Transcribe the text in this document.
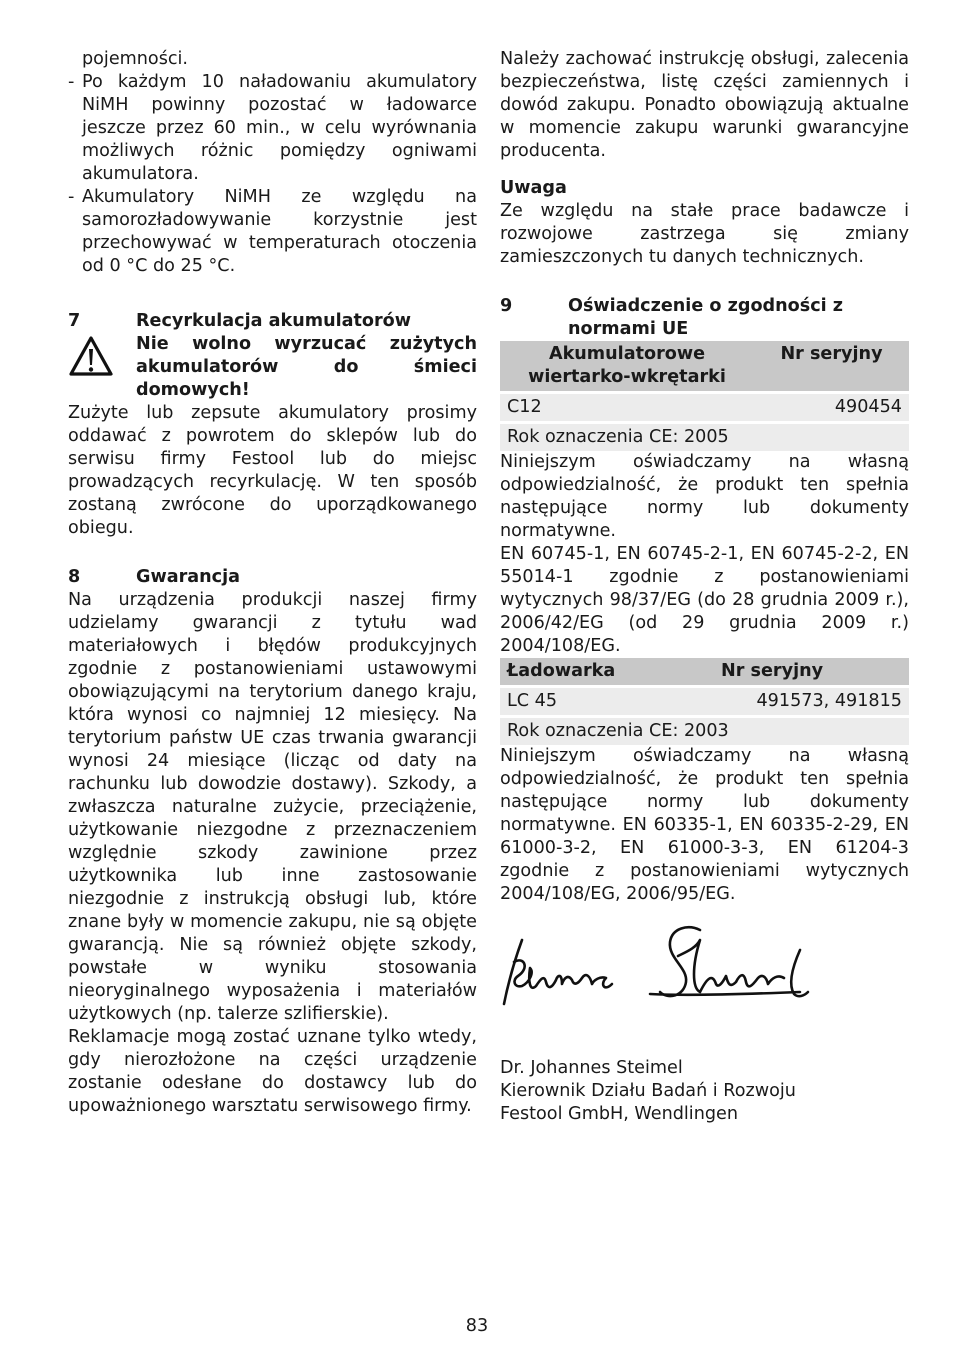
pojemności.

- Po każdym 10 naładowaniu akumulatory NiMH powinny pozostać w ładowarce jeszcze przez 60 min., w celu wyrównania możliwych różnic pomiędzy ogniwami akumulatora.
- Akumulatory NiMH ze względu na samorozładowywanie korzystnie jest przechowywać w temperaturach otoczenia od 0 °C do 25 °C.
7	Recyrkulacja akumulatorów
Nie wolno wyrzucać zużytych akumulatorów do śmieci domowych!

Zużyte lub zepsute akumulatory prosimy oddawać z powrotem do sklepów lub do serwisu firmy Festool lub do miejsc prowadzących recyrkulację. W ten sposób zostaną zwrócone do uporządkowanego obiegu.

8	Gwarancja

Na urządzenia produkcji naszej firmy udzielamy gwarancji z tytułu wad materiałowych i błędów produkcyjnych zgodnie z postanowieniami ustawowymi obowiązującymi na terytorium danego kraju, która wynosi co najmniej 12 miesięcy. Na terytorium państw UE czas trwania gwarancji wynosi 24 miesiące (licząc od daty na rachunku lub dowodzie dostawy). Szkody, a zwłaszcza naturalne zużycie, przeciążenie, użytkowanie niezgodne z przeznaczeniem względnie szkody zawinione przez użytkownika lub inne zastosowanie niezgodnie z instrukcją obsługi lub, które znane były w momencie zakupu, nie są objęte gwarancją. Nie są również objęte szkody, powstałe w wyniku stosowania nieoryginalnego wyposażenia i materiałów użytkowych (np. talerze szlifierskie).

Reklamacje mogą zostać uznane tylko wtedy, gdy nierozłożone na części urządzenie zostanie odesłane do dostawcy lub do upoważnionego warsztatu serwisowego firmy.

Należy zachować instrukcję obsługi, zalecenia bezpieczeństwa, listę części zamiennych i dowód zakupu. Ponadto obowiązują aktualne w momencie zakupu warunki gwarancyjne producenta.

Uwaga

Ze względu na stałe prace badawcze i rozwojowe zastrzega się zmiany zamieszczonych tu danych technicznych.

9	Oświadczenie o zgodności z normami UE
Akumulatorowe wiertarko-wkrętarki	Nr seryjny
C12	490454
Rok oznaczenia CE: 2005	

Niniejszym oświadczamy na własną odpowiedzialność, że produkt ten spełnia następujące normy lub dokumenty normatywne.

EN 60745-1, EN 60745-2-1, EN 60745-2-2, EN 55014-1 zgodnie z postanowieniami wytycznych 98/37/EG (do 28 grudnia 2009 r.), 2006/42/EG (od 29 grudnia 2009 r.) 2004/108/EG.

Ładowarka	Nr seryjny
LC 45	491573, 491815
Rok oznaczenia CE: 2003	

Niniejszym oświadczamy na własną odpowiedzialność, że produkt ten spełnia następujące normy lub dokumenty normatywne. EN 60335-1, EN 60335-2-29, EN 61000-3-2, EN 61000-3-3, EN 61204-3 zgodnie z postanowieniami wytycznych 2004/108/EG, 2006/95/EG.

Dr. Johannes Steimel
Kierownik Działu Badań i Rozwoju
Festool GmbH, Wendlingen
83
